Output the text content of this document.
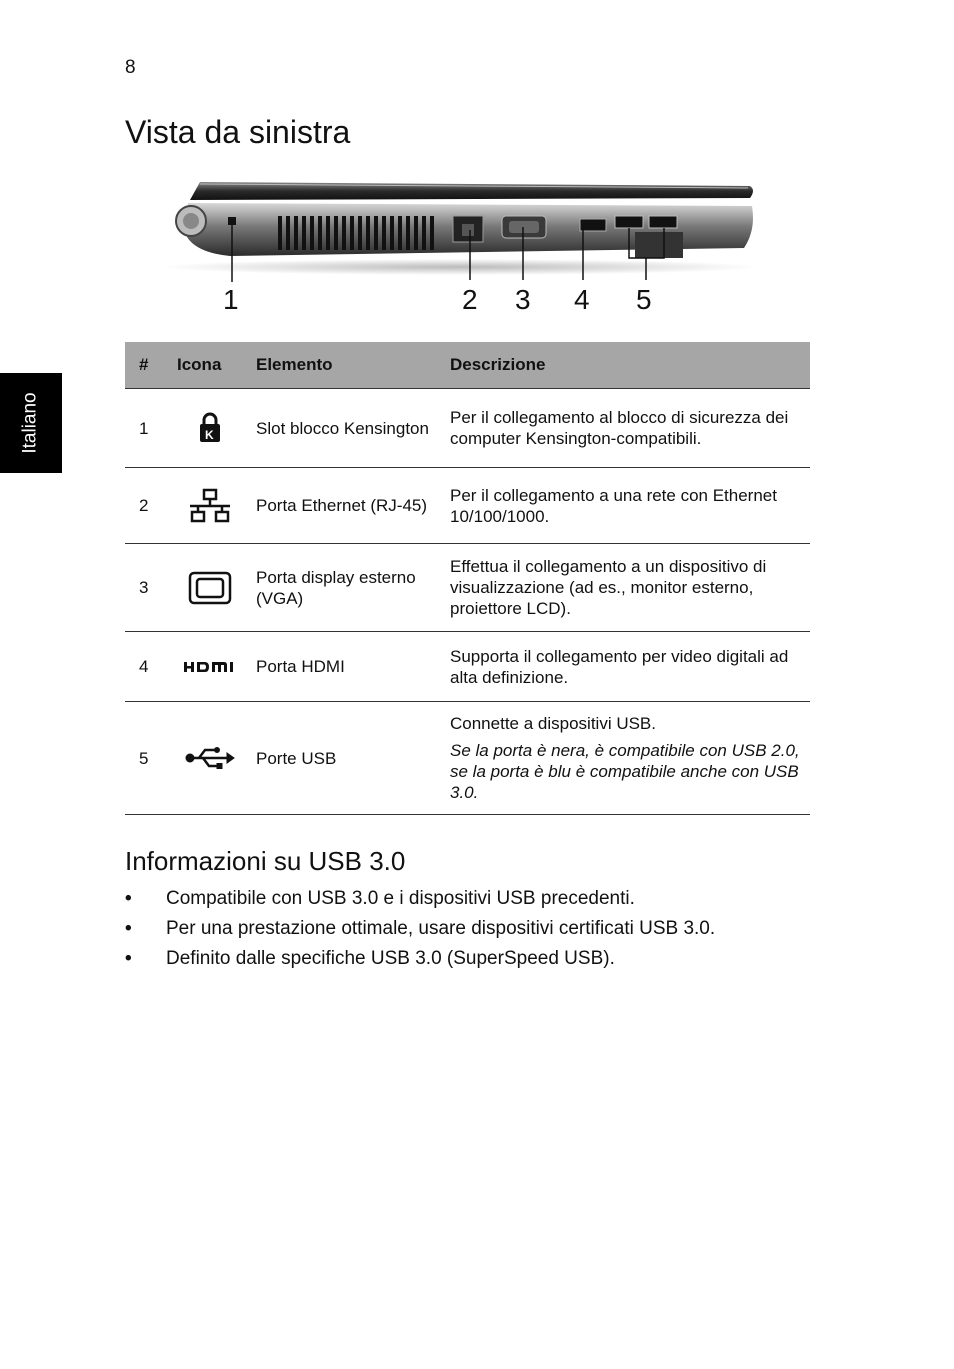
8
Vista da sinistra
Italiano
1	2 3 4 5
#	Icona	Elemento	Descrizione
1	K	Slot blocco Kensington	Per il collegamento al blocco di sicurezza dei computer Kensington-compatibili.
2		Porta Ethernet (RJ-45)	Per il collegamento a una rete con Ethernet 10/100/1000.
3		Porta display esterno (VGA)	Effettua il collegamento a un dispositivo di visualizzazione (ad es., monitor esterno, proiettore LCD).
4		Porta HDMI	Supporta il collegamento per video digitali ad alta definizione.
5		Porte USB	Connette a dispositivi USB.
Se la porta è nera, è compatibile con USB 2.0, se la porta è blu è compatibile anche con USB 3.0.
Informazioni su USB 3.0
• Compatibile con USB 3.0 e i dispositivi USB precedenti.
• Per una prestazione ottimale, usare dispositivi certificati USB 3.0.
• Definito dalle specifiche USB 3.0 (SuperSpeed USB).
